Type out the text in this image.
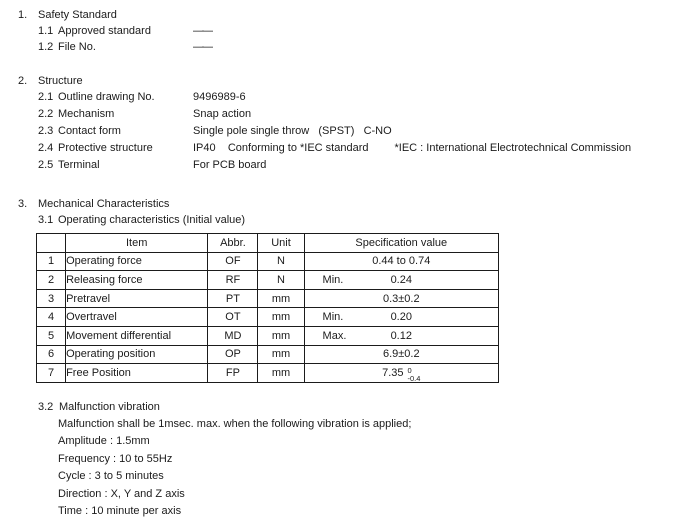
1. Safety Standard
1.1 Approved standard	——
1.2 File No.	——
2. Structure
2.1 Outline drawing No.	9496989-6
2.2 Mechanism	Snap action
2.3 Contact form	Single pole single throw   (SPST)   C-NO
2.4 Protective structure	IP40    Conforming to *IEC standard *IEC : International Electrotechnical Commission
2.5 Terminal	For PCB board
3. Mechanical Characteristics
3.1 Operating characteristics (Initial value)
	Item	Abbr.	Unit	Specification value
1	Operating force	OF	N	0.44 to 0.74

2	Releasing force	RF	N	Min. 0.24

3	Pretravel	PT	mm	0.3±0.2

4	Overtravel	OT	mm	Min. 0.20

5	Movement differential	MD	mm	Max. 0.12

6	Operating position	OP	mm	6.9±0.2

7	Free Position	FP	mm	7.35 0
-0.4
3.2 Malfunction vibration
Malfunction shall be 1msec. max. when the following vibration is applied;
Amplitude : 1.5mm
Frequency : 10 to 55Hz
Cycle : 3 to 5 minutes
Direction : X, Y and Z axis
Time : 10 minute per axis
